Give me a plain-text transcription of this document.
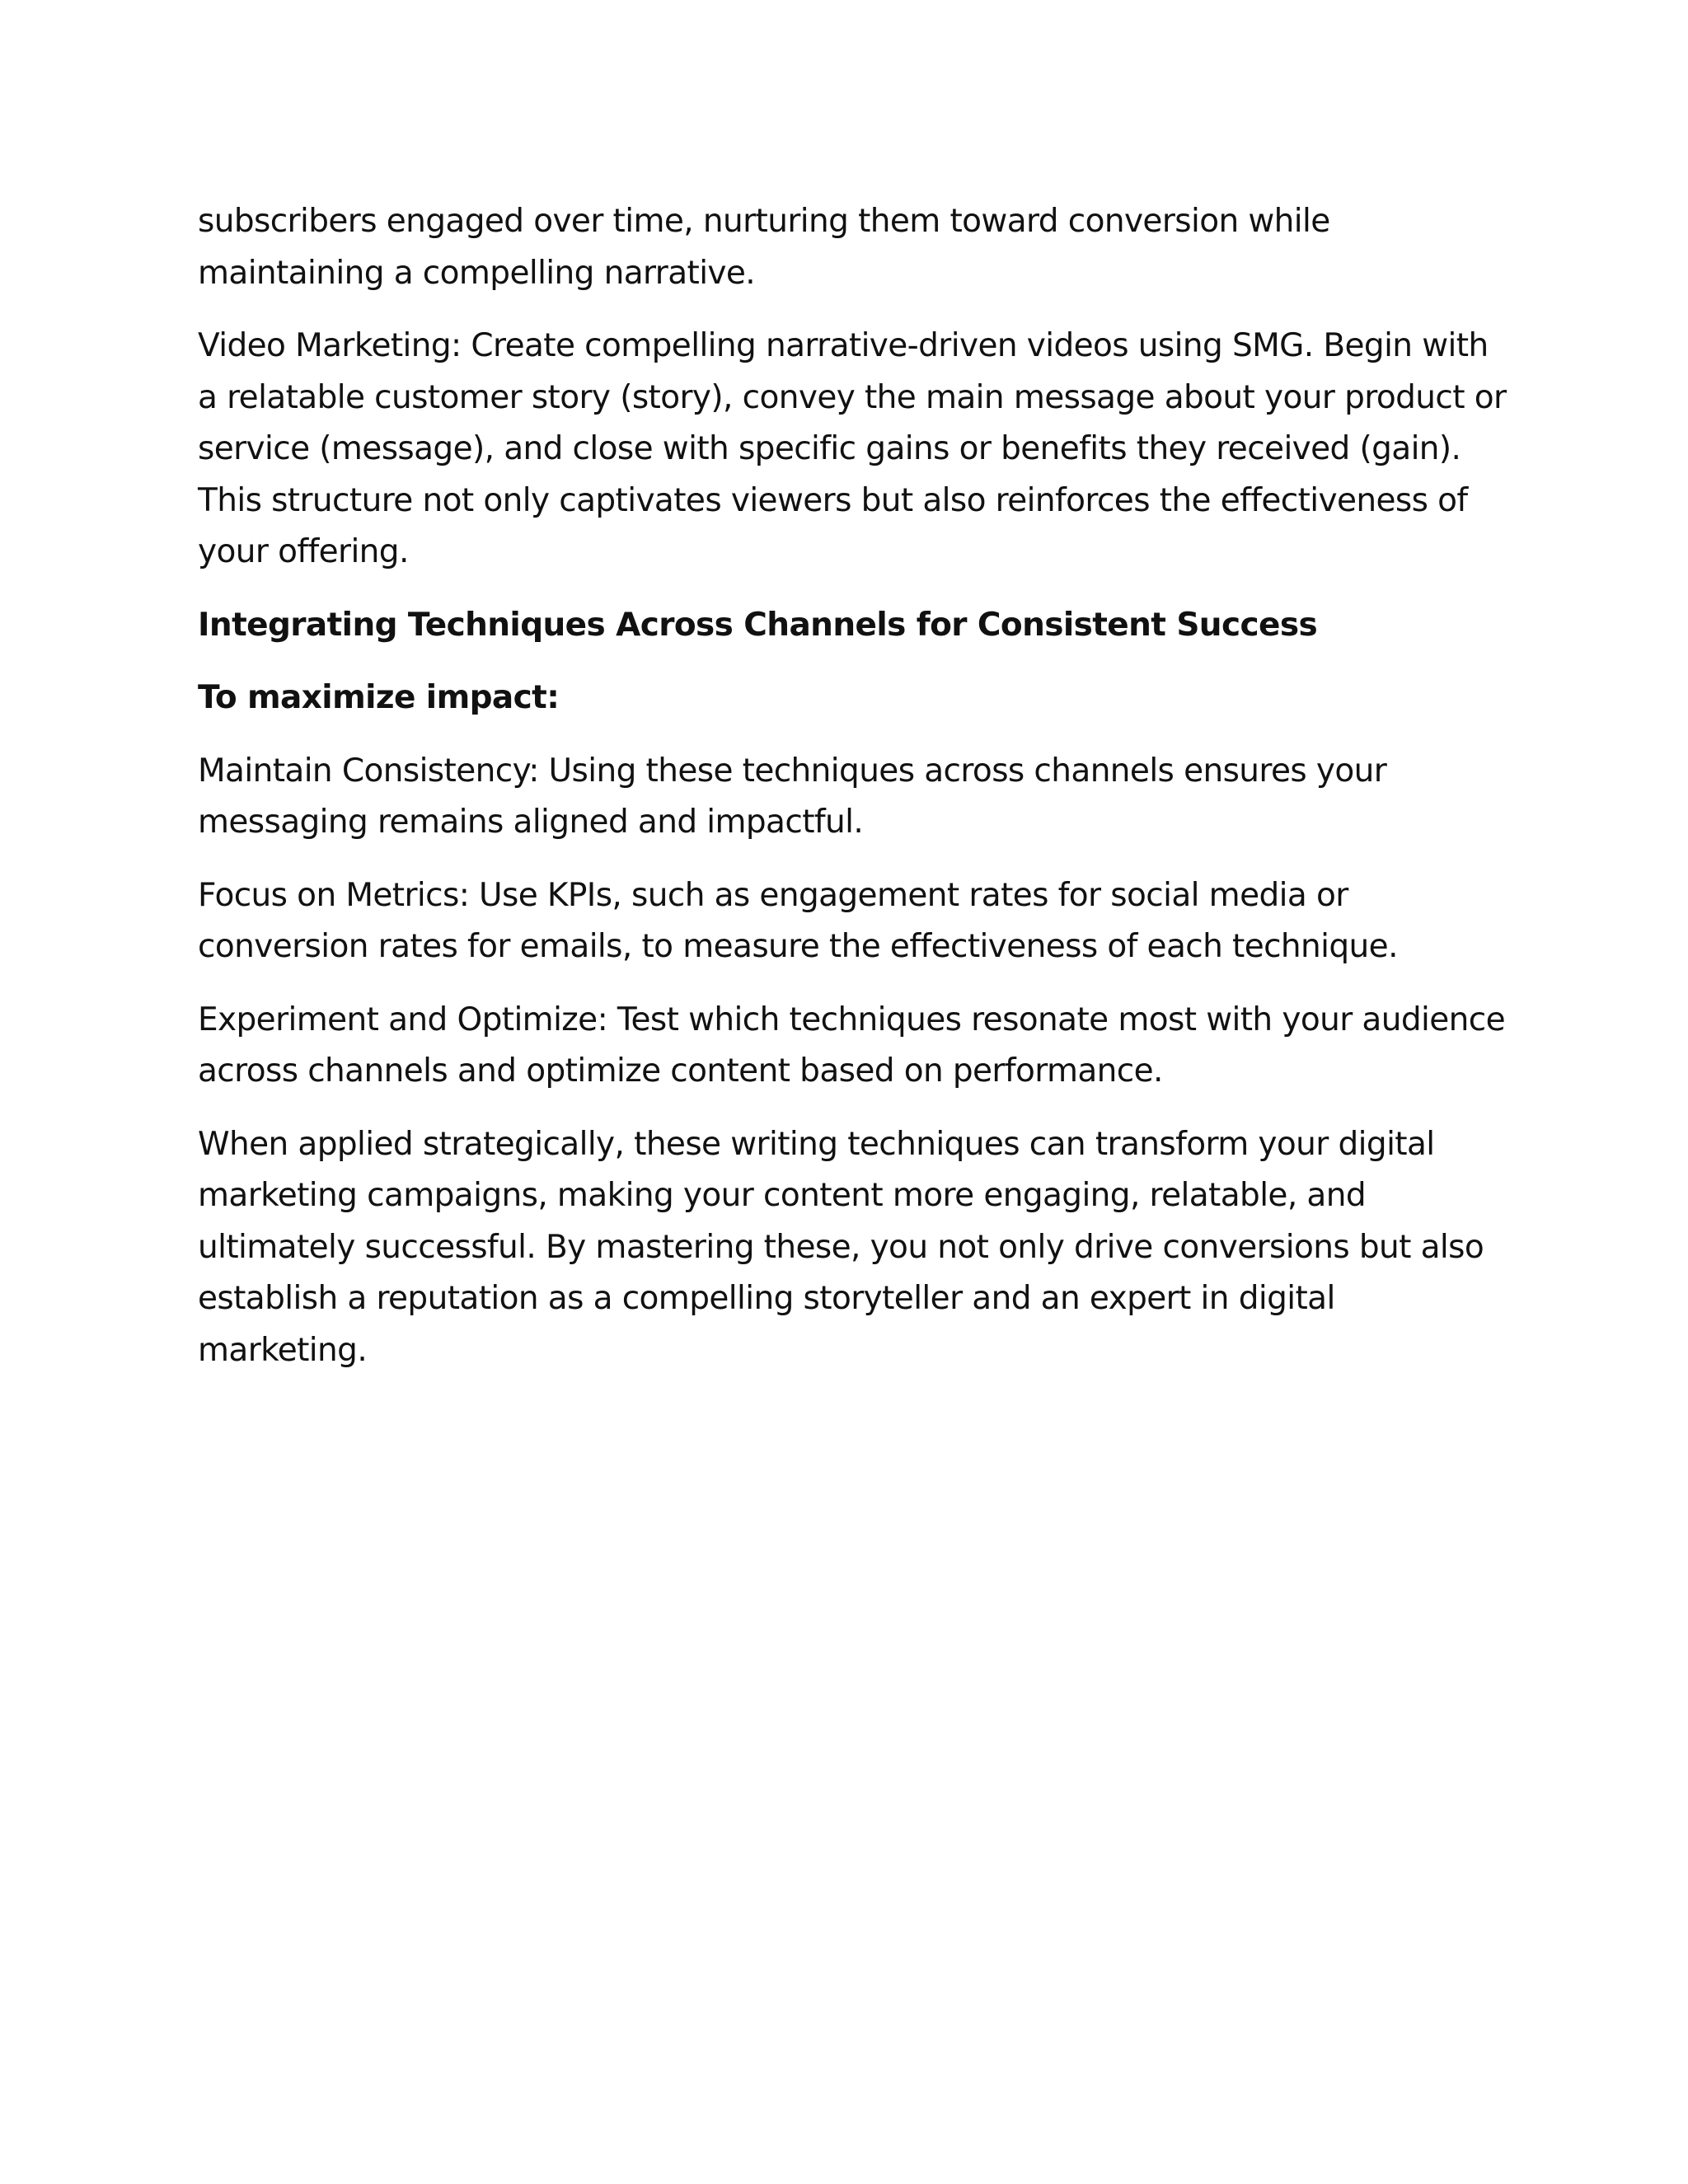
subscribers engaged over time, nurturing them toward conversion while maintaining a compelling narrative.

Video Marketing: Create compelling narrative-driven videos using SMG. Begin with a relatable customer story (story), convey the main message about your product or service (message), and close with specific gains or benefits they received (gain). This structure not only captivates viewers but also reinforces the effectiveness of your offering.

Integrating Techniques Across Channels for Consistent Success

To maximize impact:

Maintain Consistency: Using these techniques across channels ensures your messaging remains aligned and impactful.

Focus on Metrics: Use KPIs, such as engagement rates for social media or conversion rates for emails, to measure the effectiveness of each technique.

Experiment and Optimize: Test which techniques resonate most with your audience across channels and optimize content based on performance.

When applied strategically, these writing techniques can transform your digital marketing campaigns, making your content more engaging, relatable, and ultimately successful. By mastering these, you not only drive conversions but also establish a reputation as a compelling storyteller and an expert in digital marketing.
